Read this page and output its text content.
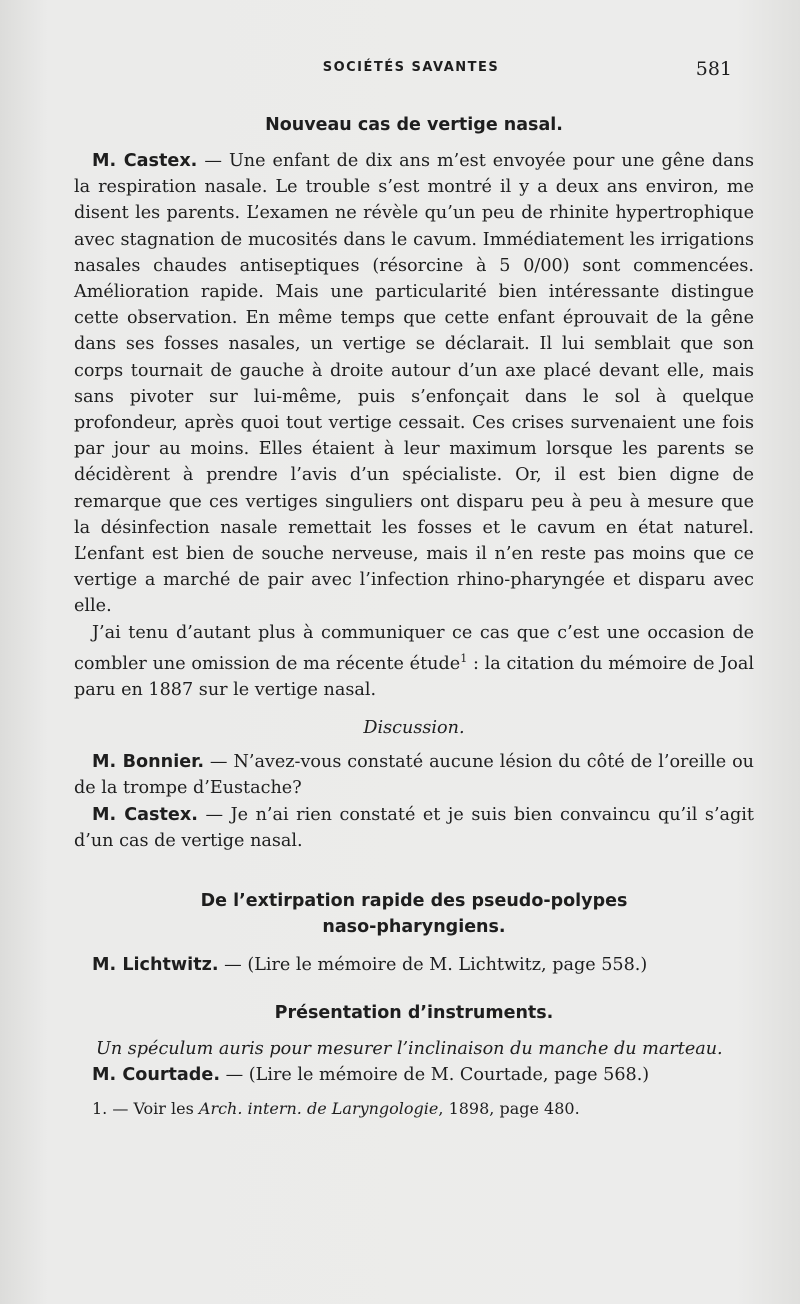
SOCIÉTÉS SAVANTES	581
Nouveau cas de vertige nasal.

M. Castex. — Une enfant de dix ans m’est envoyée pour une gêne dans la respiration nasale. Le trouble s’est montré il y a deux ans environ, me disent les parents. L’examen ne révèle qu’un peu de rhinite hypertrophique avec stagnation de mucosités dans le cavum. Immédiatement les irrigations nasales chaudes antiseptiques (résorcine à 5 0/00) sont commencées. Amélioration rapide. Mais une particularité bien intéressante distingue cette observation. En même temps que cette enfant éprouvait de la gêne dans ses fosses nasales, un vertige se déclarait. Il lui semblait que son corps tournait de gauche à droite autour d’un axe placé devant elle, mais sans pivoter sur lui-même, puis s’enfonçait dans le sol à quelque profondeur, après quoi tout vertige cessait. Ces crises survenaient une fois par jour au moins. Elles étaient à leur maximum lorsque les parents se décidèrent à prendre l’avis d’un spécialiste. Or, il est bien digne de remarque que ces vertiges singuliers ont disparu peu à peu à mesure que la désinfection nasale remettait les fosses et le cavum en état naturel. L’enfant est bien de souche nerveuse, mais il n’en reste pas moins que ce vertige a marché de pair avec l’infection rhino-pharyngée et disparu avec elle.

J’ai tenu d’autant plus à communiquer ce cas que c’est une occasion de combler une omission de ma récente étude$^1$ : la citation du mémoire de Joal paru en 1887 sur le vertige nasal.

Discussion.

M. Bonnier. — N’avez-vous constaté aucune lésion du côté de l’oreille ou de la trompe d’Eustache?

M. Castex. — Je n’ai rien constaté et je suis bien convaincu qu’il s’agit d’un cas de vertige nasal.

De l’extirpation rapide des pseudo-polypes
naso-pharyngiens.

M. Lichtwitz. — (Lire le mémoire de M. Lichtwitz, page 558.)

Présentation d’instruments.

Un spéculum auris pour mesurer l’inclinaison du manche du marteau.

M. Courtade. — (Lire le mémoire de M. Courtade, page 568.)

1. — Voir les Arch. intern. de Laryngologie, 1898, page 480.
